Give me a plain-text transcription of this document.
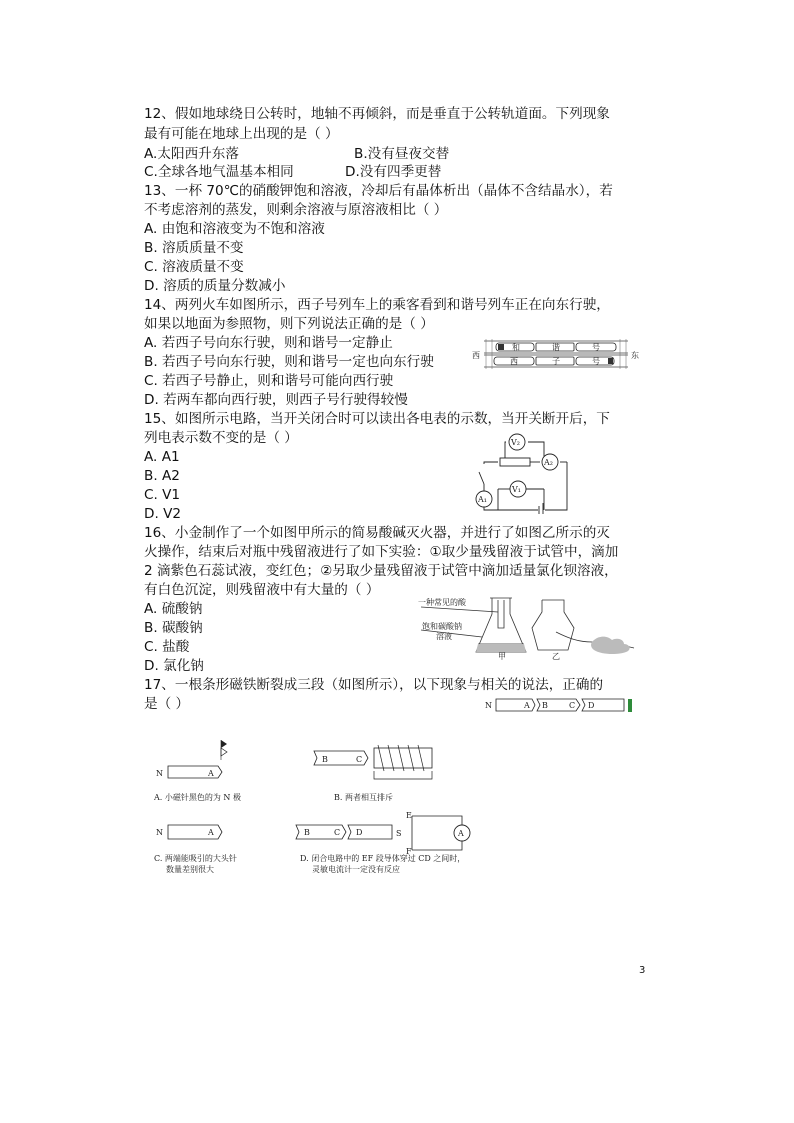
12、假如地球绕日公转时，地轴不再倾斜，而是垂直于公转轨道面。下列现象
最有可能在地球上出现的是（ ）
A.太阳西升东落	B.没有昼夜交替
C.全球各地气温基本相同	D.没有四季更替
13、一杯 70℃的硝酸钾饱和溶液，冷却后有晶体析出（晶体不含结晶水），若
不考虑溶剂的蒸发，则剩余溶液与原溶液相比（ ）
A. 由饱和溶液变为不饱和溶液
B. 溶质质量不变
C. 溶液质量不变
D. 溶质的质量分数减小
14、两列火车如图所示，西子号列车上的乘客看到和谐号列车正在向东行驶，
如果以地面为参照物，则下列说法正确的是（ ）
A. 若西子号向东行驶，则和谐号一定静止
B. 若西子号向东行驶，则和谐号一定也向东行驶
C. 若西子号静止，则和谐号可能向西行驶
D. 若两车都向西行驶，则西子号行驶得较慢
西	东
和	谐	号
西	子	号
15、如图所示电路，当开关闭合时可以读出各电表的示数，当开关断开后，下
列电表示数不变的是（ ）
A. A1
B. A2
C. V1
D. V2
V₂
A₂
A₁
V₁
16、小金制作了一个如图甲所示的简易酸碱灭火器，并进行了如图乙所示的灭
火操作，结束后对瓶中残留液进行了如下实验：①取少量残留液于试管中，滴加
2 滴紫色石蕊试液，变红色；②另取少量残留液于试管中滴加适量氯化钡溶液，
有白色沉淀，则残留液中有大量的（ ）
A. 硫酸钠
B. 碳酸钠
C. 盐酸
D. 氯化钠
一种常见的酸
饱和碳酸钠
溶液
甲	乙
17、一根条形磁铁断裂成三段（如图所示），以下现象与相关的说法，正确的
是（ ）	N	A B	C D
N	A
A. 小磁针黑色的为 N 极
B	C
B. 两者相互排斥
N	A
C. 两端能吸引的大头针
数量差别很大
B	C D
E
S
F
A
D. 闭合电路中的 EF 段导体穿过 CD 之间时，
灵敏电流计一定没有反应
3
